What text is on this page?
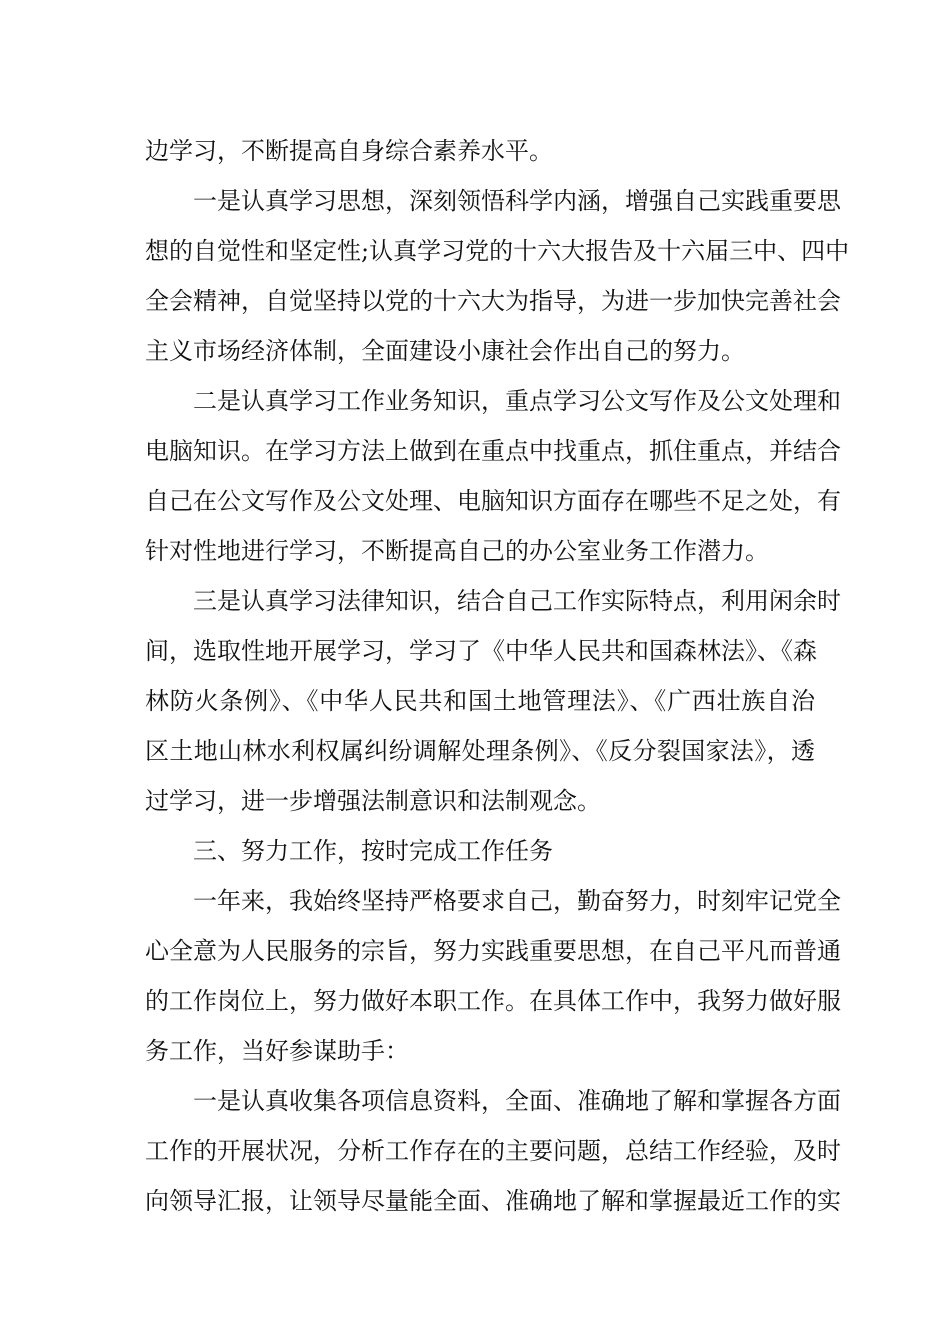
边学习，不断提高自身综合素养水平。
一是认真学习思想，深刻领悟科学内涵，增强自己实践重要思
想的自觉性和坚定性;认真学习党的十六大报告及十六届三中、四中
全会精神，自觉坚持以党的十六大为指导，为进一步加快完善社会
主义市场经济体制，全面建设小康社会作出自己的努力。
二是认真学习工作业务知识，重点学习公文写作及公文处理和
电脑知识。在学习方法上做到在重点中找重点，抓住重点，并结合
自己在公文写作及公文处理、电脑知识方面存在哪些不足之处，有
针对性地进行学习，不断提高自己的办公室业务工作潜力。
三是认真学习法律知识，结合自己工作实际特点，利用闲余时
间，选取性地开展学习，学习了《中华人民共和国森林法》、《森
林防火条例》、《中华人民共和国土地管理法》、《广西壮族自治
区土地山林水利权属纠纷调解处理条例》、《反分裂国家法》，透
过学习，进一步增强法制意识和法制观念。
三、努力工作，按时完成工作任务
一年来，我始终坚持严格要求自己，勤奋努力，时刻牢记党全
心全意为人民服务的宗旨，努力实践重要思想，在自己平凡而普通
的工作岗位上，努力做好本职工作。在具体工作中，我努力做好服
务工作，当好参谋助手：
一是认真收集各项信息资料，全面、准确地了解和掌握各方面
工作的开展状况，分析工作存在的主要问题，总结工作经验，及时
向领导汇报，让领导尽量能全面、准确地了解和掌握最近工作的实
